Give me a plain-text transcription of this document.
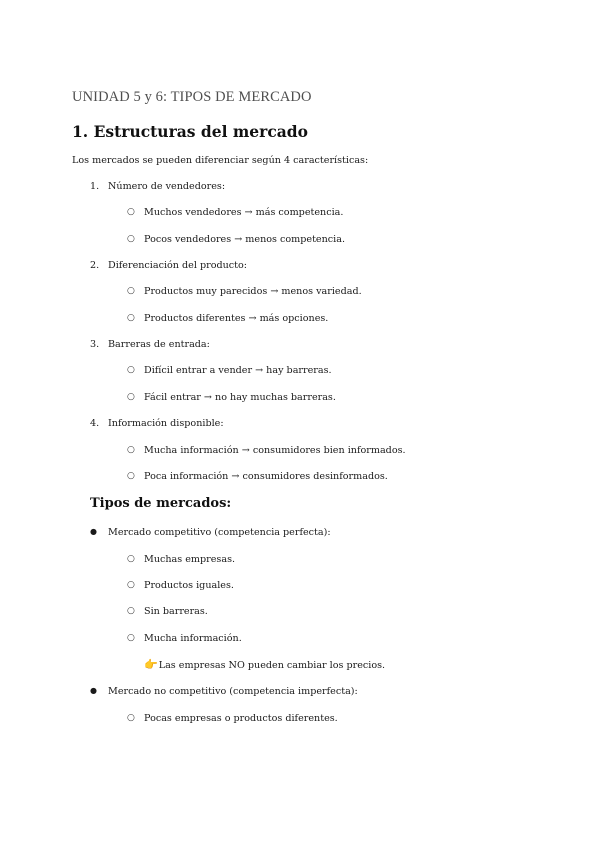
UNIDAD 5 y 6: TIPOS DE MERCADO
1. Estructuras del mercado
Los mercados se pueden diferenciar según 4 características:
1. Número de vendedores:
○ Muchos vendedores → más competencia.
○ Pocos vendedores → menos competencia.
2. Diferenciación del producto:
○ Productos muy parecidos → menos variedad.
○ Productos diferentes → más opciones.
3. Barreras de entrada:
○ Difícil entrar a vender → hay barreras.
○ Fácil entrar → no hay muchas barreras.
4. Información disponible:
○ Mucha información → consumidores bien informados.
○ Poca información → consumidores desinformados.
Tipos de mercados:
● Mercado competitivo (competencia perfecta):
○ Muchas empresas.
○ Productos iguales.
○ Sin barreras.
○ Mucha información.
👉Las empresas NO pueden cambiar los precios.
● Mercado no competitivo (competencia imperfecta):
○ Pocas empresas o productos diferentes.
